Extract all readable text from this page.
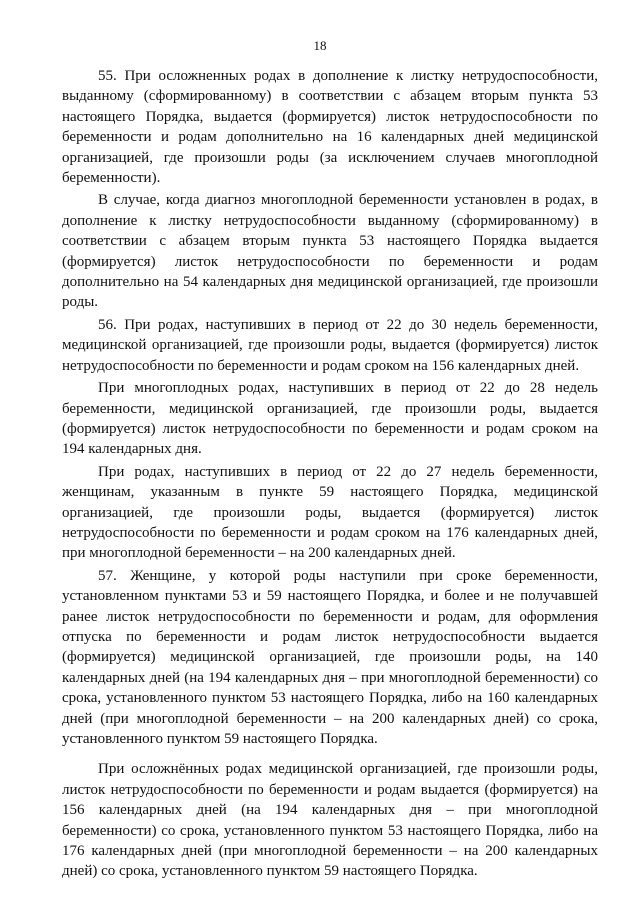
18

55. При осложненных родах в дополнение к листку нетрудоспособности, выданному (сформированному) в соответствии с абзацем вторым пункта 53 настоящего Порядка, выдается (формируется) листок нетрудоспособности по беременности и родам дополнительно на 16 календарных дней медицинской организацией, где произошли роды (за исключением случаев многоплодной беременности).

В случае, когда диагноз многоплодной беременности установлен в родах, в дополнение к листку нетрудоспособности выданному (сформированному) в соответствии с абзацем вторым пункта 53 настоящего Порядка выдается (формируется) листок нетрудоспособности по беременности и родам дополнительно на 54 календарных дня медицинской организацией, где произошли роды.

56. При родах, наступивших в период от 22 до 30 недель беременности, медицинской организацией, где произошли роды, выдается (формируется) листок нетрудоспособности по беременности и родам сроком на 156 календарных дней.

При многоплодных родах, наступивших в период от 22 до 28 недель беременности, медицинской организацией, где произошли роды, выдается (формируется) листок нетрудоспособности по беременности и родам сроком на 194 календарных дня.

При родах, наступивших в период от 22 до 27 недель беременности, женщинам, указанным в пункте 59 настоящего Порядка, медицинской организацией, где произошли роды, выдается (формируется) листок нетрудоспособности по беременности и родам сроком на 176 календарных дней, при многоплодной беременности – на 200 календарных дней.

57. Женщине, у которой роды наступили при сроке беременности, установленном пунктами 53 и 59 настоящего Порядка, и более и не получавшей ранее листок нетрудоспособности по беременности и родам, для оформления отпуска по беременности и родам листок нетрудоспособности выдается (формируется) медицинской организацией, где произошли роды, на 140 календарных дней (на 194 календарных дня – при многоплодной беременности) со срока, установленного пунктом 53 настоящего Порядка, либо на 160 календарных дней (при многоплодной беременности – на 200 календарных дней) со срока, установленного пунктом 59 настоящего Порядка.

При осложнённых родах медицинской организацией, где произошли роды, листок нетрудоспособности по беременности и родам выдается (формируется) на 156 календарных дней (на 194 календарных дня – при многоплодной беременности) со срока, установленного пунктом 53 настоящего Порядка, либо на 176 календарных дней (при многоплодной беременности – на 200 календарных дней) со срока, установленного пунктом 59 настоящего Порядка.
